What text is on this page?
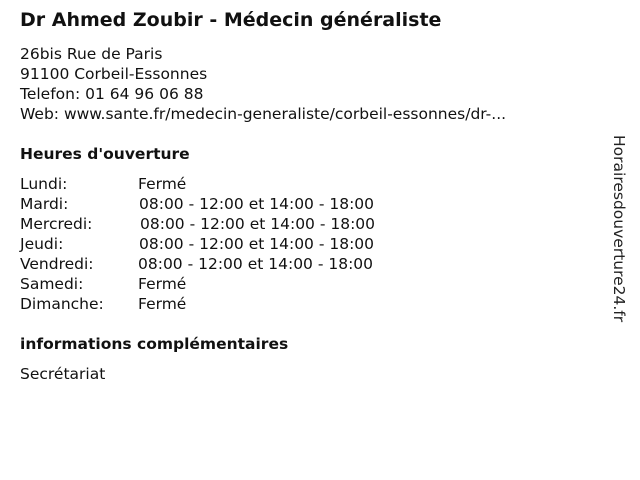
Dr Ahmed Zoubir - Médecin généraliste
26bis Rue de Paris
91100 Corbeil-Essonnes
Telefon: 01 64 96 06 88
Web: www.sante.fr/medecin-generaliste/corbeil-essonnes/dr-...
Heures d'ouverture
Lundi:	Fermé
Mardi:	08:00 - 12:00 et 14:00 - 18:00
Mercredi:	08:00 - 12:00 et 14:00 - 18:00
Jeudi:	08:00 - 12:00 et 14:00 - 18:00
Vendredi:	08:00 - 12:00 et 14:00 - 18:00
Samedi:	Fermé
Dimanche: Fermé
informations complémentaires
Secrétariat
Horairesdouverture24.fr
